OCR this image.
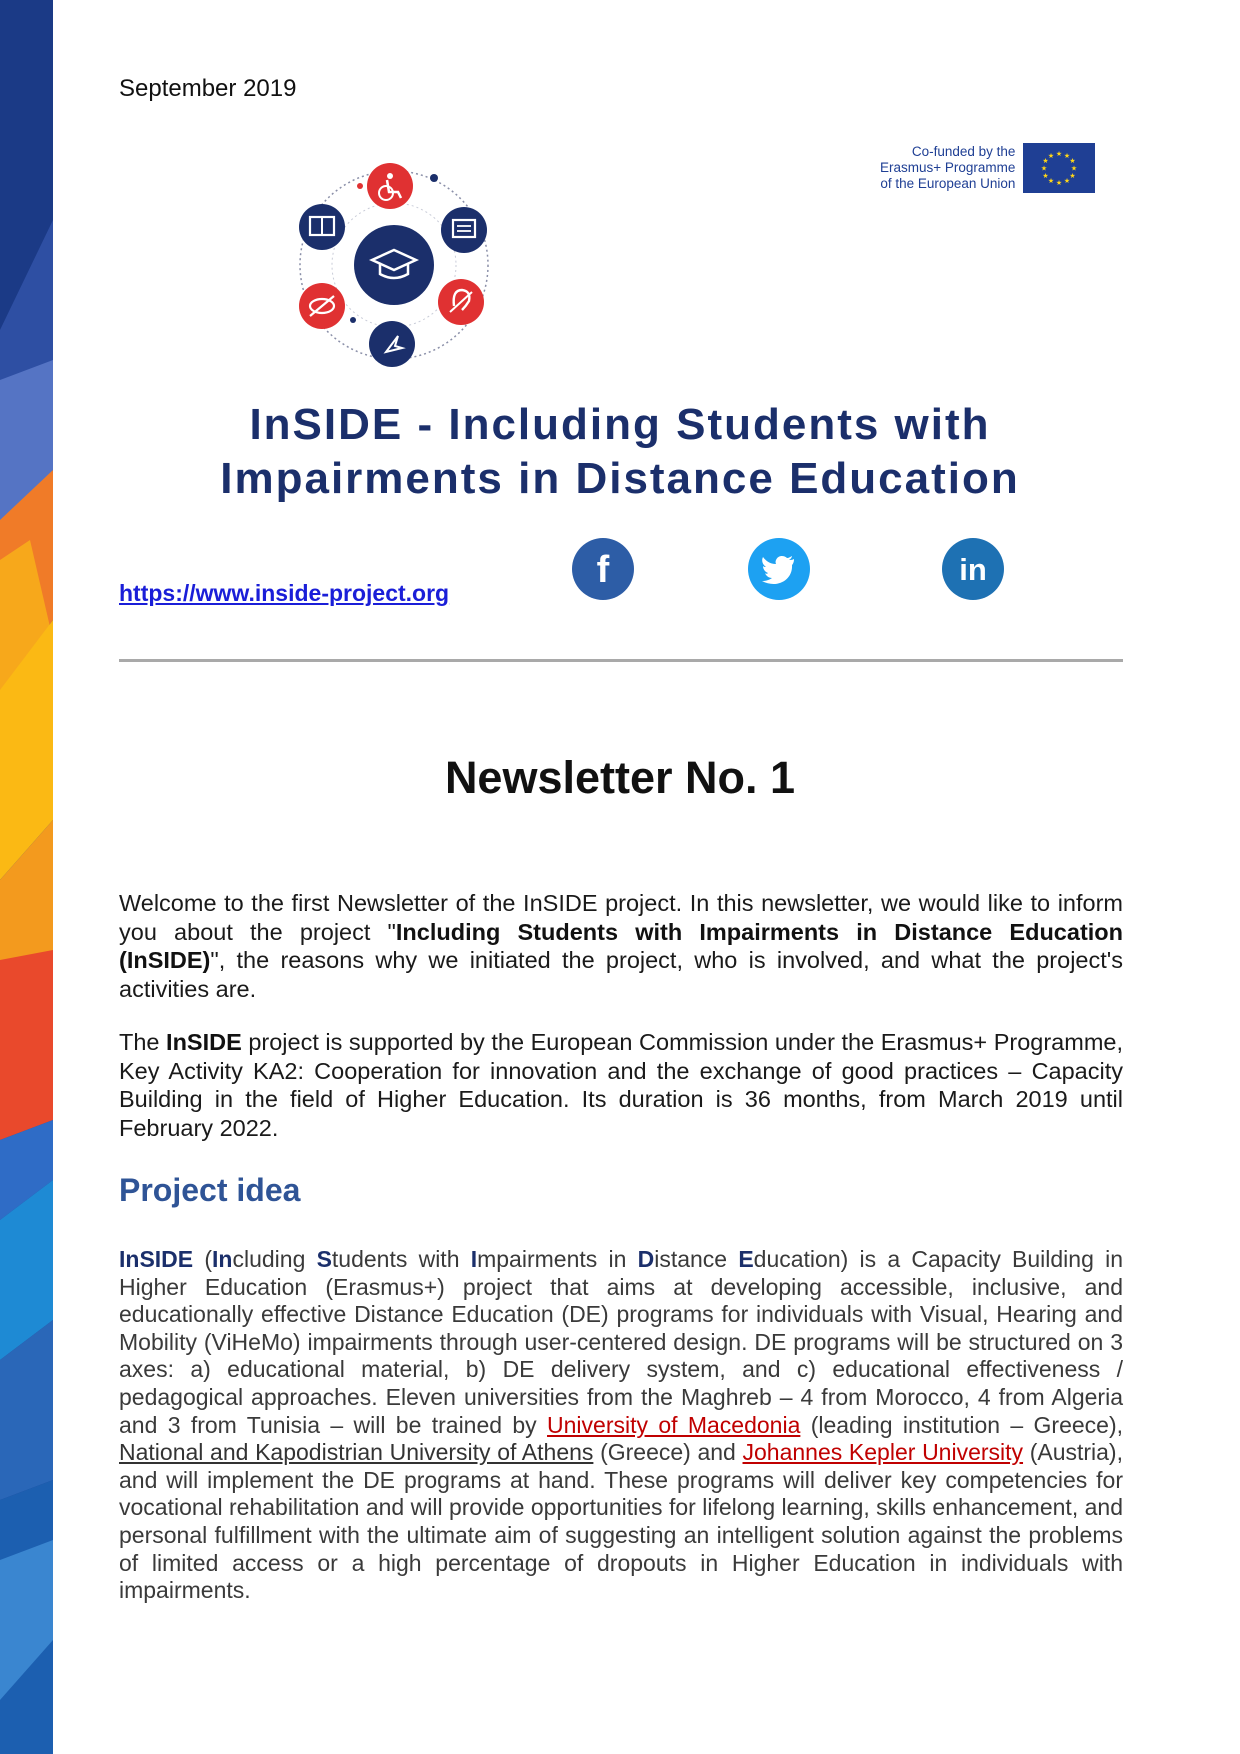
September 2019
Co-funded by the
Erasmus+ Programme
of the European Union
★ ★
★
★
★
★
★
★
★
★
★
★
InSIDE - Including Students with
Impairments in Distance Education
https://www.inside-project.org
f	in
Newsletter No. 1

Welcome to the first Newsletter of the InSIDE project. In this newsletter, we would like to inform you about the project "Including Students with Impairments in Distance Education (InSIDE)", the reasons why we initiated the project, who is involved, and what the project's activities are.

The InSIDE project is supported by the European Commission under the Erasmus+ Programme, Key Activity KA2: Cooperation for innovation and the exchange of good practices – Capacity Building in the field of Higher Education. Its duration is 36 months, from March 2019 until February 2022.

Project idea

InSIDE (Including Students with Impairments in Distance Education) is a Capacity Building in Higher Education (Erasmus+) project that aims at developing accessible, inclusive, and educationally effective Distance Education (DE) programs for individuals with Visual, Hearing and Mobility (ViHeMo) impairments through user-centered design. DE programs will be structured on 3 axes: a) educational material, b) DE delivery system, and c) educational effectiveness / pedagogical approaches. Eleven universities from the Maghreb – 4 from Morocco, 4 from Algeria and 3 from Tunisia – will be trained by University of Macedonia (leading institution – Greece), National and Kapodistrian University of Athens (Greece) and Johannes Kepler University (Austria), and will implement the DE programs at hand. These programs will deliver key competencies for vocational rehabilitation and will provide opportunities for lifelong learning, skills enhancement, and personal fulfillment with the ultimate aim of suggesting an intelligent solution against the problems of limited access or a high percentage of dropouts in Higher Education in individuals with impairments.
